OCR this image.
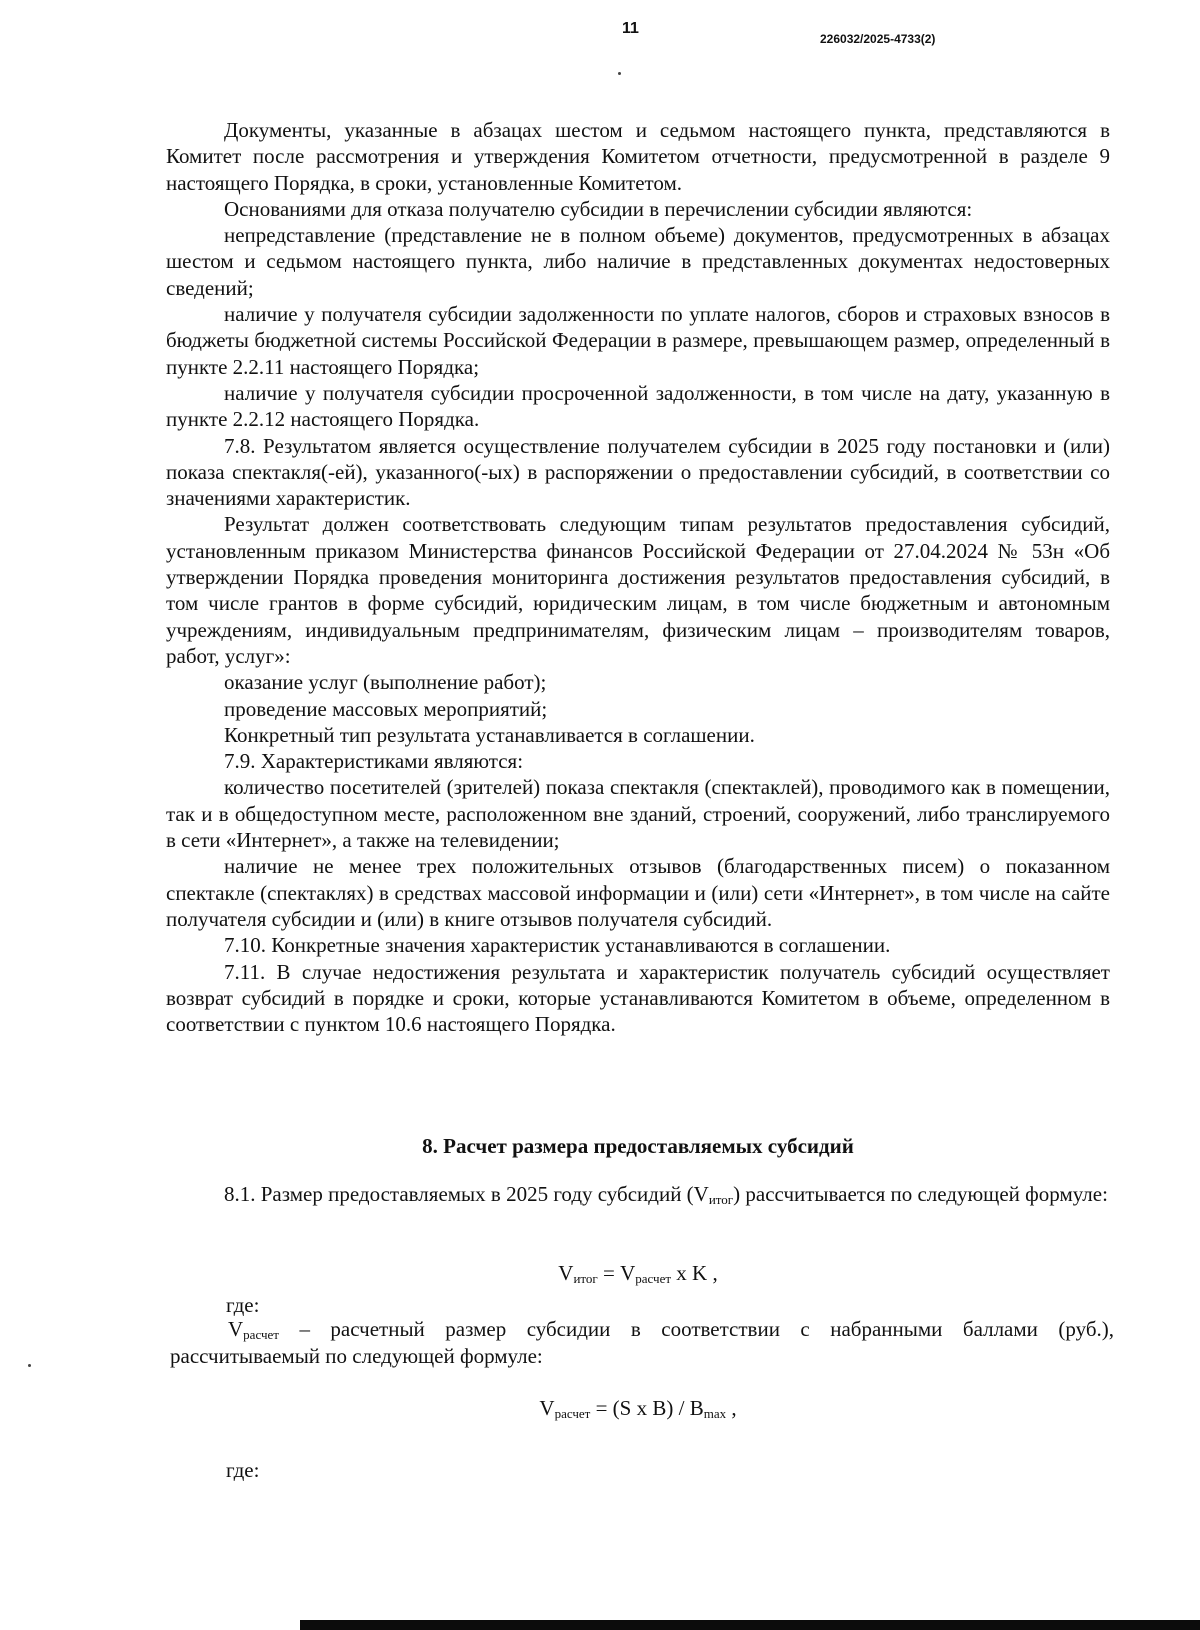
11
226032/2025-4733(2)

Документы, указанные в абзацах шестом и седьмом настоящего пункта, представляются в Комитет после рассмотрения и утверждения Комитетом отчетности, предусмотренной в разделе 9 настоящего Порядка, в сроки, установленные Комитетом.

Основаниями для отказа получателю субсидии в перечислении субсидии являются:

непредставление (представление не в полном объеме) документов, предусмотренных в абзацах шестом и седьмом настоящего пункта, либо наличие в представленных документах недостоверных сведений;

наличие у получателя субсидии задолженности по уплате налогов, сборов и страховых взносов в бюджеты бюджетной системы Российской Федерации в размере, превышающем размер, определенный в пункте 2.2.11 настоящего Порядка;

наличие у получателя субсидии просроченной задолженности, в том числе на дату, указанную в пункте 2.2.12 настоящего Порядка.

7.8. Результатом является осуществление получателем субсидии в 2025 году постановки и (или) показа спектакля(-ей), указанного(-ых) в распоряжении о предоставлении субсидий, в соответствии со значениями характеристик.

Результат должен соответствовать следующим типам результатов предоставления субсидий, установленным приказом Министерства финансов Российской Федерации от 27.04.2024 № 53н «Об утверждении Порядка проведения мониторинга достижения результатов предоставления субсидий, в том числе грантов в форме субсидий, юридическим лицам, в том числе бюджетным и автономным учреждениям, индивидуальным предпринимателям, физическим лицам – производителям товаров, работ, услуг»:

оказание услуг (выполнение работ);

проведение массовых мероприятий;

Конкретный тип результата устанавливается в соглашении.

7.9. Характеристиками являются:

количество посетителей (зрителей) показа спектакля (спектаклей), проводимого как в помещении, так и в общедоступном месте, расположенном вне зданий, строений, сооружений, либо транслируемого в сети «Интернет», а также на телевидении;

наличие не менее трех положительных отзывов (благодарственных писем) о показанном спектакле (спектаклях) в средствах массовой информации и (или) сети «Интернет», в том числе на сайте получателя субсидии и (или) в книге отзывов получателя субсидий.

7.10. Конкретные значения характеристик устанавливаются в соглашении.

7.11. В случае недостижения результата и характеристик получатель субсидий осуществляет возврат субсидий в порядке и сроки, которые устанавливаются Комитетом в объеме, определенном в соответствии с пунктом 10.6 настоящего Порядка.

8. Расчет размера предоставляемых субсидий

8.1. Размер предоставляемых в 2025 году субсидий (Vитог) рассчитывается по следующей формуле:

Vитог = Vрасчет x K ,
где:

Vрасчет – расчетный размер субсидии в соответствии с набранными баллами (руб.), рассчитываемый по следующей формуле:

Vрасчет = (S x B) / Bmax ,
где:
